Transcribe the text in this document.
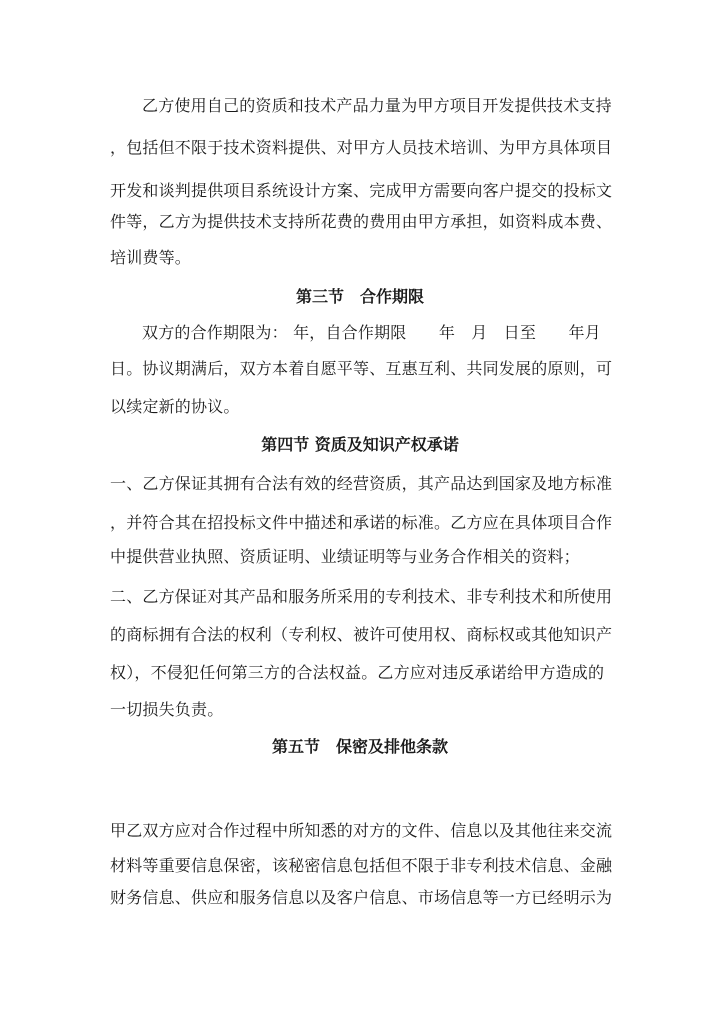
乙方使用自己的资质和技术产品力量为甲方项目开发提供技术支持
，包括但不限于技术资料提供、对甲方人员技术培训、为甲方具体项目
开发和谈判提供项目系统设计方案、完成甲方需要向客户提交的投标文
件等，乙方为提供技术支持所花费的费用由甲方承担，如资料成本费、
培训费等。
第三节　合作期限
双方的合作期限为： 年，自合作期限　　年　月　日至　　年月
日。协议期满后，双方本着自愿平等、互惠互利、共同发展的原则，可
以续定新的协议。
第四节 资质及知识产权承诺
一、乙方保证其拥有合法有效的经营资质，其产品达到国家及地方标准
，并符合其在招投标文件中描述和承诺的标准。乙方应在具体项目合作
中提供营业执照、资质证明、业绩证明等与业务合作相关的资料；
二、乙方保证对其产品和服务所采用的专利技术、非专利技术和所使用
的商标拥有合法的权利（专利权、被许可使用权、商标权或其他知识产
权），不侵犯任何第三方的合法权益。乙方应对违反承诺给甲方造成的
一切损失负责。
第五节　保密及排他条款
甲乙双方应对合作过程中所知悉的对方的文件、信息以及其他往来交流
材料等重要信息保密，该秘密信息包括但不限于非专利技术信息、金融
财务信息、供应和服务信息以及客户信息、市场信息等一方已经明示为
